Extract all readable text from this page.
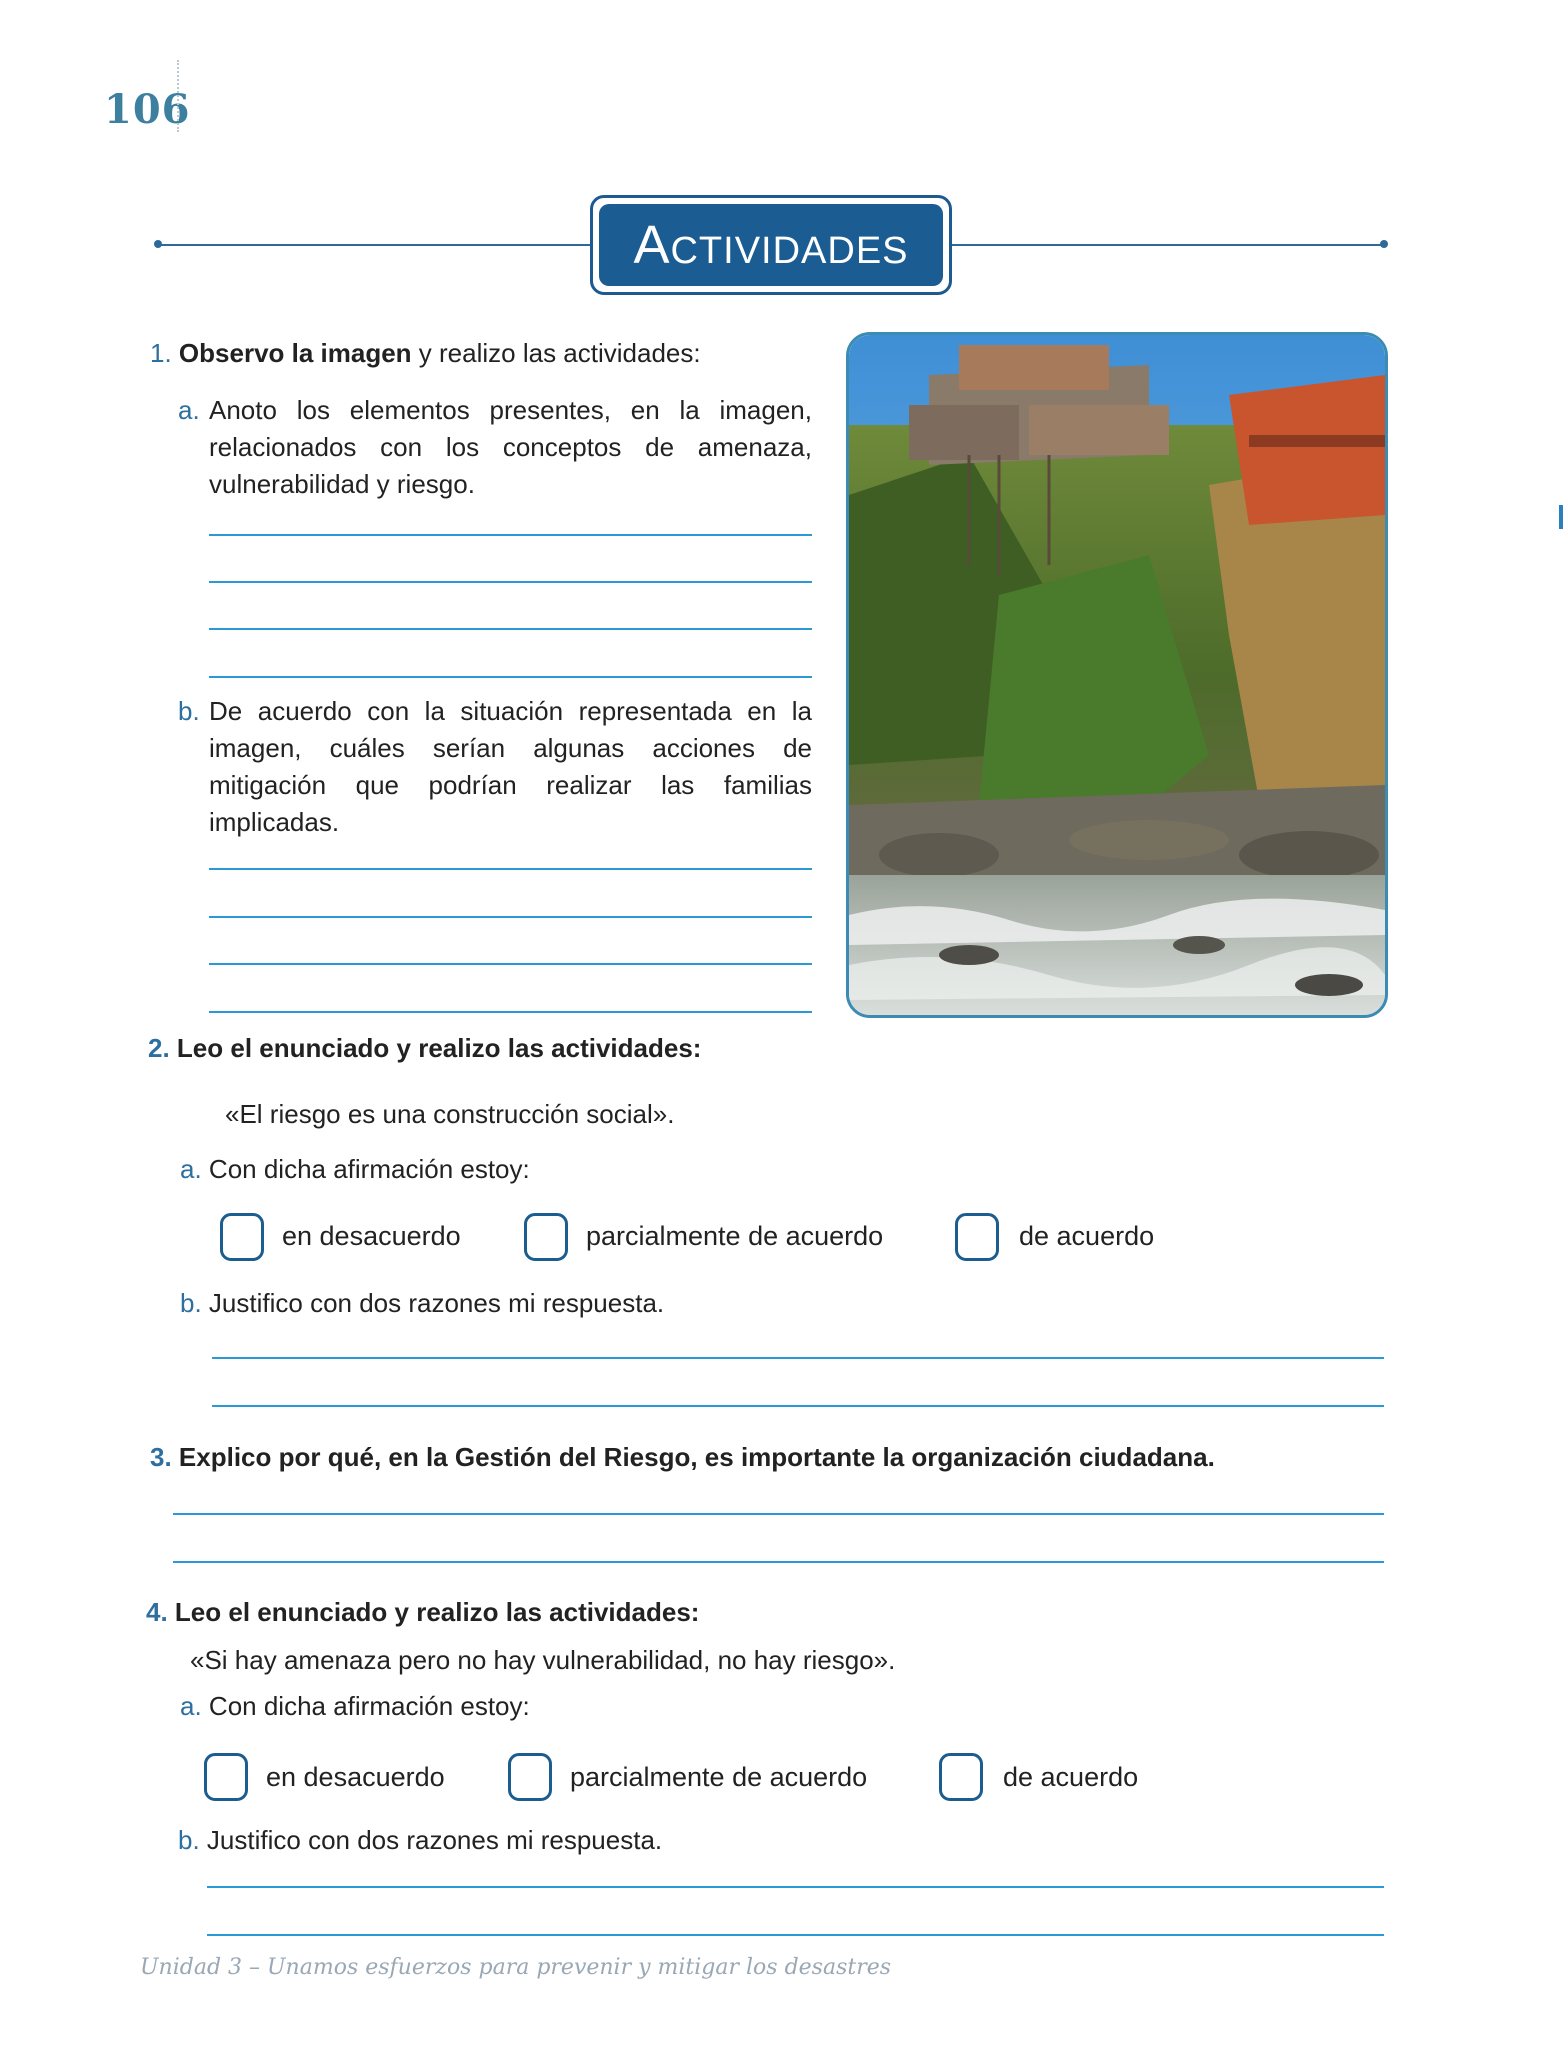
106
Actividades
1. Observo la imagen y realizo las actividades:
a. Anoto los elementos presentes, en la imagen, relacionados con los conceptos de amenaza, vulnerabilidad y riesgo.
b. De acuerdo con la situación representada en la imagen, cuáles serían algunas acciones de mitigación que podrían realizar las familias implicadas.
2. Leo el enunciado y realizo las actividades:
«El riesgo es una construcción social».
a. Con dicha afirmación estoy:
en desacuerdo	parcialmente de acuerdo	de acuerdo
b. Justifico con dos razones mi respuesta.
3. Explico por qué, en la Gestión del Riesgo, es importante la organización ciudadana.
4. Leo el enunciado y realizo las actividades:
«Si hay amenaza pero no hay vulnerabilidad, no hay riesgo».
a. Con dicha afirmación estoy:
en desacuerdo	parcialmente de acuerdo	de acuerdo
b. Justifico con dos razones mi respuesta.
Unidad 3 – Unamos esfuerzos para prevenir y mitigar los desastres
